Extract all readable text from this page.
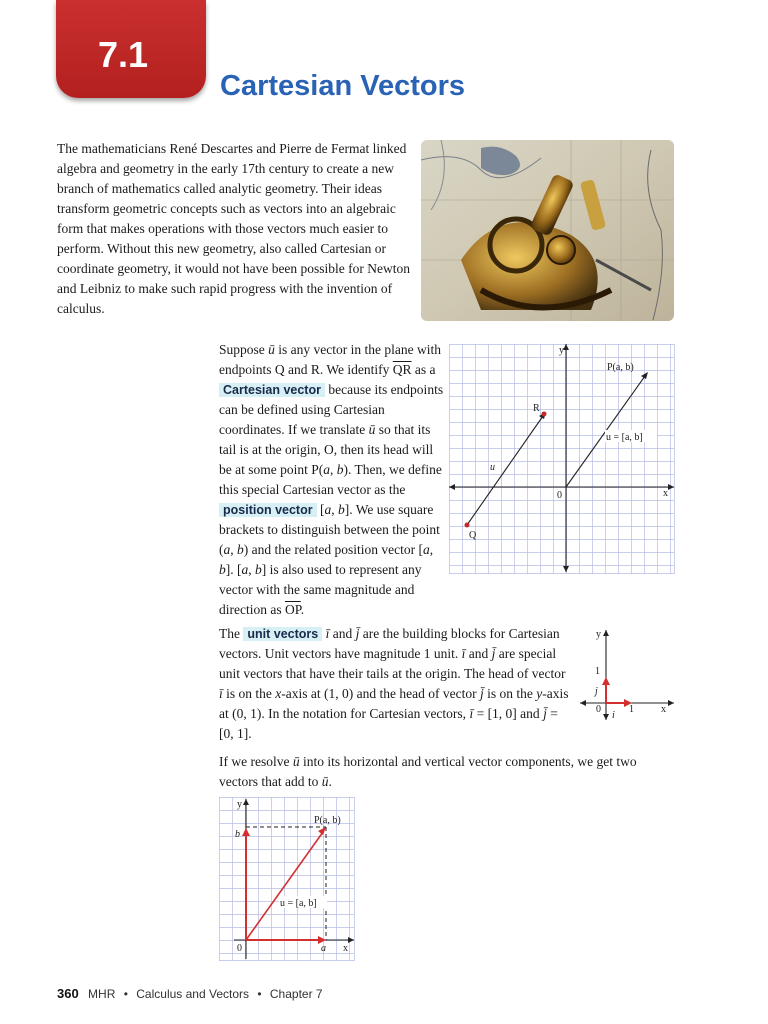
7.1
Cartesian Vectors
The mathematicians René Descartes and Pierre de Fermat linked algebra and geometry in the early 17th century to create a new branch of mathematics called analytic geometry. Their ideas transform geometric concepts such as vectors into an algebraic form that makes operations with those vectors much easier to perform. Without this new geometry, also called Cartesian or coordinate geometry, it would not have been possible for Newton and Leibniz to make such rapid progress with the invention of calculus.
Suppose ū is any vector in the plane with endpoints Q and R. We identify $\overline{QR}$ as a Cartesian vector because its endpoints can be defined using Cartesian coordinates. If we translate ū so that its tail is at the origin, O, then its head will be at some point P(a, b). Then, we define this special Cartesian vector as the position vector [a, b]. We use square brackets to distinguish between the point (a, b) and the related position vector [a, b]. [a, b] is also used to represent any vector with the same magnitude and direction as $\overline{OP}$.
y
x
0
P(a, b)
R
Q
u
u = [a, b]
The unit vectors ī and j̄ are the building blocks for Cartesian vectors. Unit vectors have magnitude 1 unit. ī and j̄ are special unit vectors that have their tails at the origin. The head of vector ī is on the x-axis at (1, 0) and the head of vector j̄ is on the y-axis at (0, 1). In the notation for Cartesian vectors, ī = [1, 0] and j̄ = [0, 1].
y
x
0
1
1
j
i
If we resolve ū into its horizontal and vertical vector components, we get two vectors that add to ū.
y
x
0
b
a
P(a, b)
u = [a, b]
360 MHR • Calculus and Vectors • Chapter 7
